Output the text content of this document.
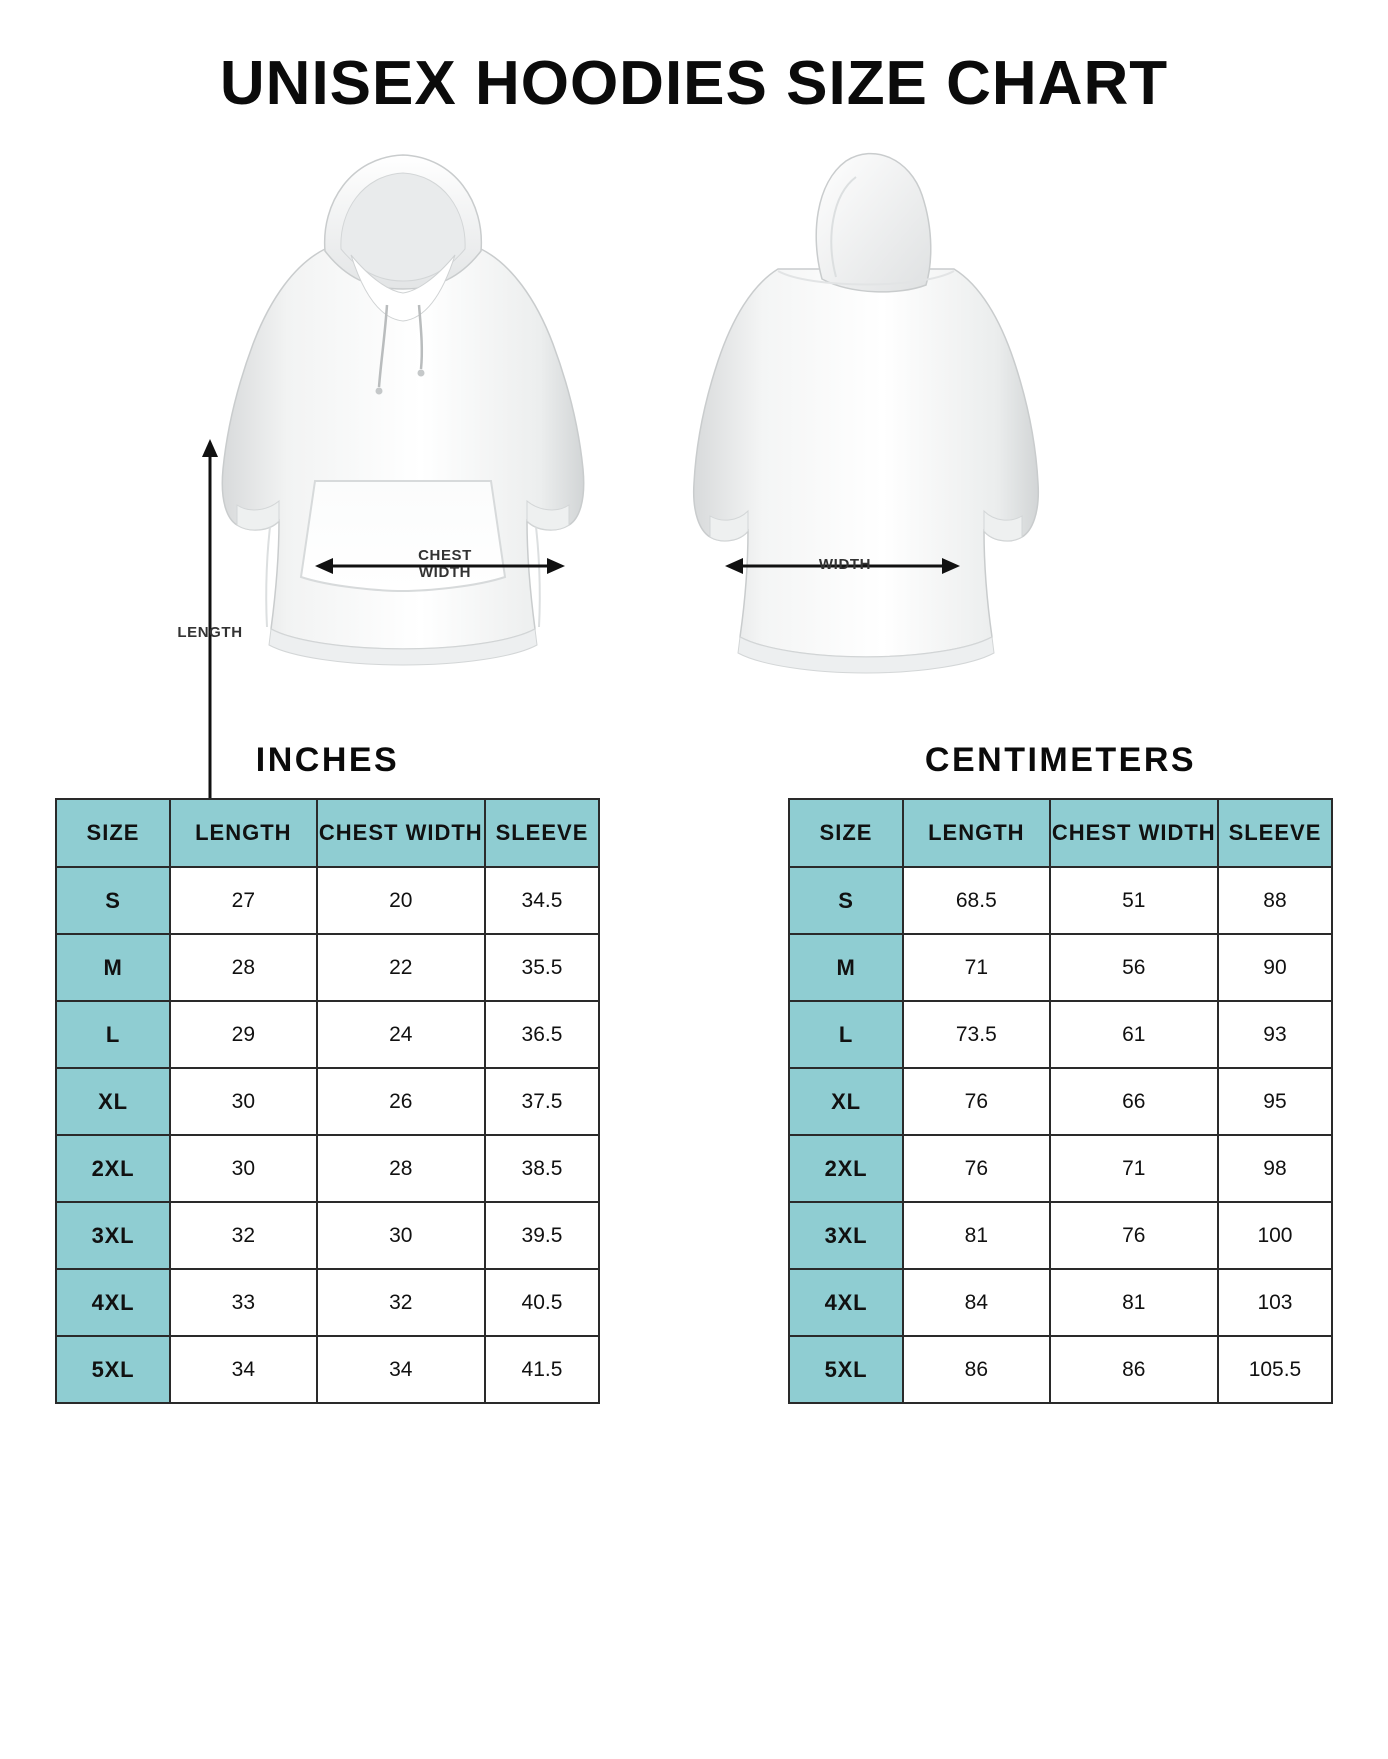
UNISEX HOODIES SIZE CHART
LENGTH
CHEST
WIDTH	WIDTH
INCHES
SIZE	LENGTH	CHEST WIDTH	SLEEVE
S	27	20	34.5
M	28	22	35.5
L	29	24	36.5
XL	30	26	37.5
2XL	30	28	38.5
3XL	32	30	39.5
4XL	33	32	40.5
5XL	34	34	41.5
CENTIMETERS
SIZE	LENGTH	CHEST WIDTH	SLEEVE
S	68.5	51	88
M	71	56	90
L	73.5	61	93
XL	76	66	95
2XL	76	71	98
3XL	81	76	100
4XL	84	81	103
5XL	86	86	105.5
